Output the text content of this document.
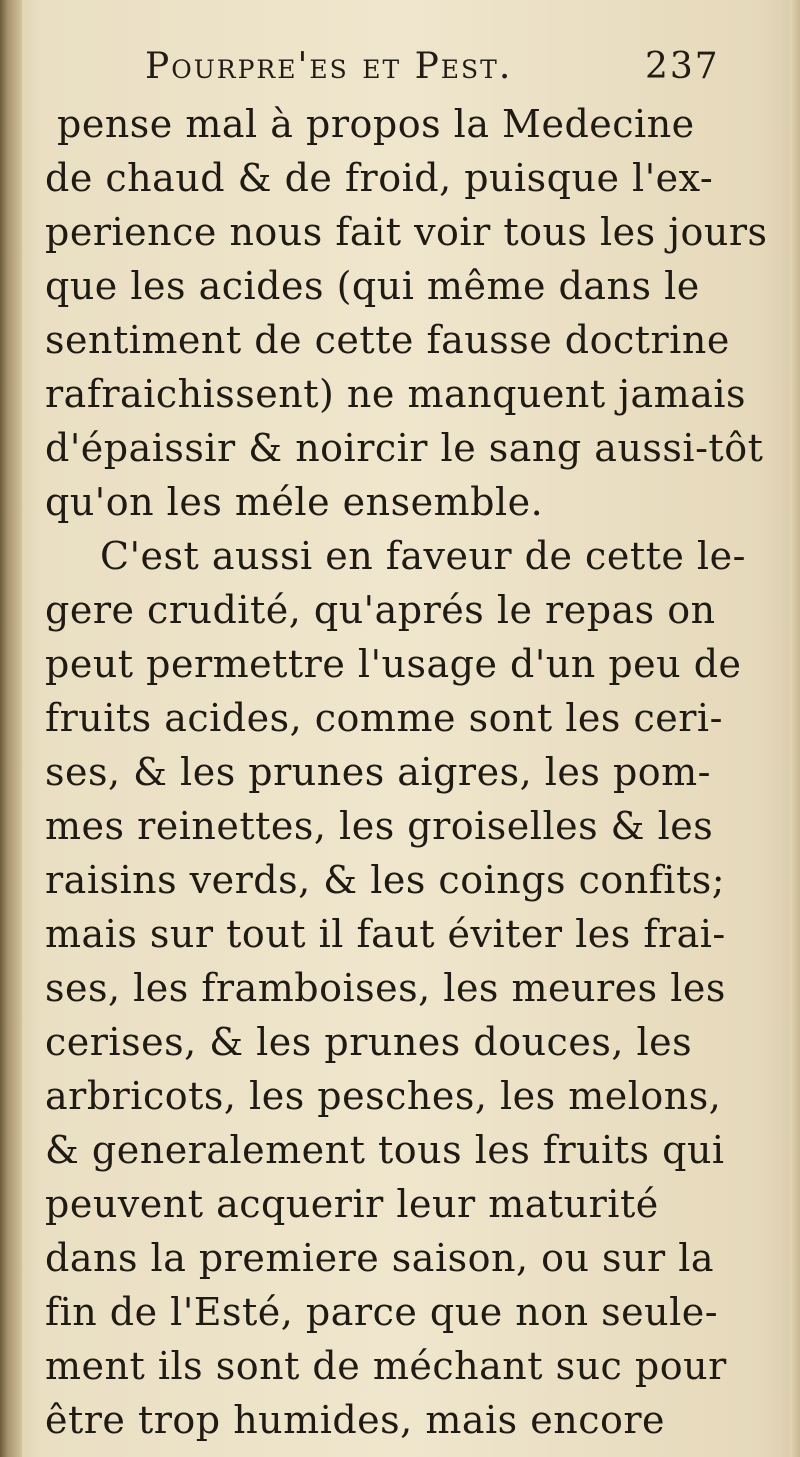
Pourpre'es et Pest.	237
pense mal à propos la Medecine
de chaud & de froid, puisque l'ex-
perience nous fait voir tous les jours
que les acides (qui même dans le
sentiment de cette fausse doctrine
rafraichissent) ne manquent jamais
d'épaissir & noircir le sang aussi-tôt
qu'on les méle ensemble.
C'est aussi en faveur de cette le-
gere crudité, qu'aprés le repas on
peut permettre l'usage d'un peu de
fruits acides, comme sont les ceri-
ses, & les prunes aigres, les pom-
mes reinettes, les groiselles & les
raisins verds, & les coings confits;
mais sur tout il faut éviter les frai-
ses, les framboises, les meures les
cerises, & les prunes douces, les
arbricots, les pesches, les melons,
& generalement tous les fruits qui
peuvent acquerir leur maturité
dans la premiere saison, ou sur la
fin de l'Esté, parce que non seule-
ment ils sont de méchant suc pour
être trop humides, mais encore
